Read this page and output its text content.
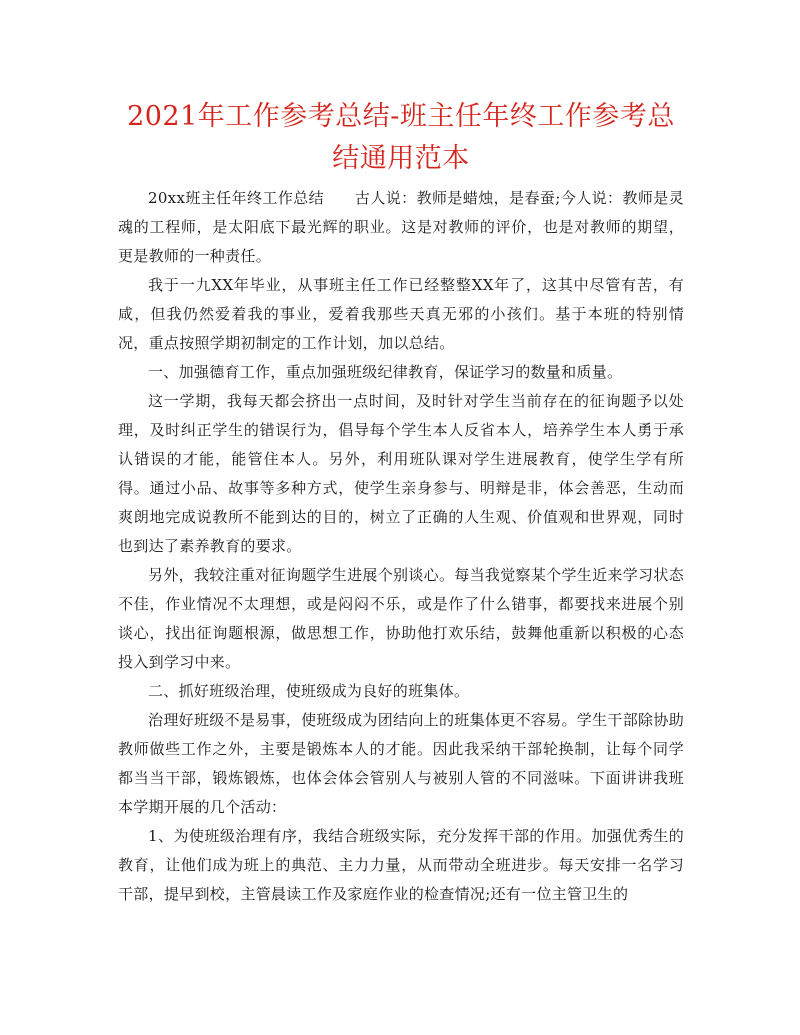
2021年工作参考总结-班主任年终工作参考总结通用范本

20xx班主任年终工作总结　　古人说：教师是蜡烛，是春蚕;今人说：教师是灵魂的工程师，是太阳底下最光辉的职业。这是对教师的评价，也是对教师的期望，更是教师的一种责任。

我于一九XX年毕业，从事班主任工作已经整整XX年了，这其中尽管有苦，有咸，但我仍然爱着我的事业，爱着我那些天真无邪的小孩们。基于本班的特别情况，重点按照学期初制定的工作计划，加以总结。

一、加强德育工作，重点加强班级纪律教育，保证学习的数量和质量。

这一学期，我每天都会挤出一点时间，及时针对学生当前存在的征询题予以处理，及时纠正学生的错误行为，倡导每个学生本人反省本人，培养学生本人勇于承认错误的才能，能管住本人。另外，利用班队课对学生进展教育，使学生学有所得。通过小品、故事等多种方式，使学生亲身参与、明辩是非，体会善恶，生动而爽朗地完成说教所不能到达的目的，树立了正确的人生观、价值观和世界观，同时也到达了素养教育的要求。

另外，我较注重对征询题学生进展个别谈心。每当我觉察某个学生近来学习状态不佳，作业情况不太理想，或是闷闷不乐，或是作了什么错事，都要找来进展个别谈心，找出征询题根源，做思想工作，协助他打欢乐结，鼓舞他重新以积极的心态投入到学习中来。

二、抓好班级治理，使班级成为良好的班集体。

治理好班级不是易事，使班级成为团结向上的班集体更不容易。学生干部除协助教师做些工作之外，主要是锻炼本人的才能。因此我采纳干部轮换制，让每个同学都当当干部，锻炼锻炼，也体会体会管别人与被别人管的不同滋味。下面讲讲我班本学期开展的几个活动：

1、为使班级治理有序，我结合班级实际，充分发挥干部的作用。加强优秀生的教育，让他们成为班上的典范、主力力量，从而带动全班进步。每天安排一名学习干部，提早到校，主管晨读工作及家庭作业的检查情况;还有一位主管卫生的
